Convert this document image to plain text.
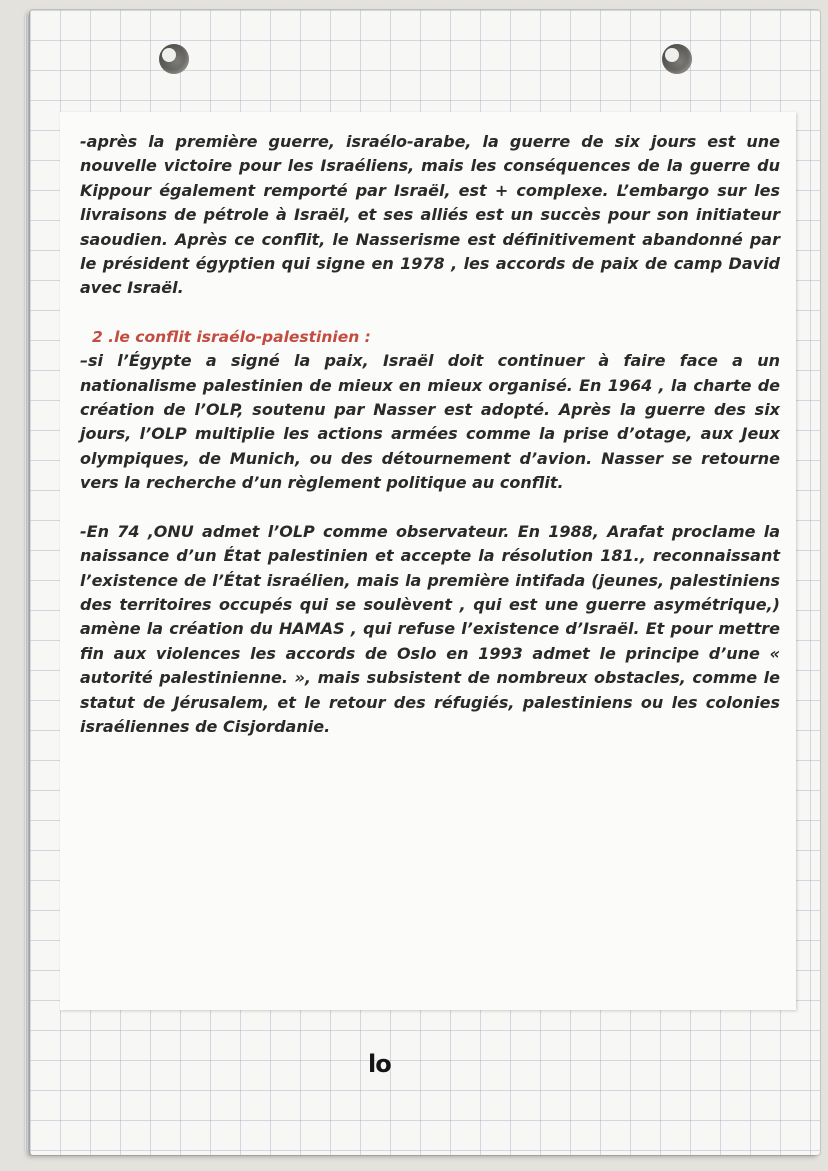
-après la première guerre, israélo-arabe, la guerre de six jours est une nouvelle victoire pour les Israéliens, mais les conséquences de la guerre du Kippour également remporté par Israël, est + complexe. L’embargo sur les livraisons de pétrole à Israël, et ses alliés est un succès pour son initiateur saoudien. Après ce conflit, le Nasserisme est définitivement abandonné par le président égyptien qui signe en 1978 , les accords de paix de camp David avec Israël.

2 .le conflit israélo-palestinien :

–si l’Égypte a signé la paix, Israël doit continuer à faire face a un nationalisme palestinien de mieux en mieux organisé. En 1964 , la charte de création de l’OLP, soutenu par Nasser est adopté. Après la guerre des six jours, l’OLP multiplie les actions armées comme la prise d’otage, aux Jeux olympiques, de Munich, ou des détournement d’avion. Nasser se retourne vers la recherche d’un règlement politique au conflit.

-En 74 ,ONU admet l’OLP comme observateur. En 1988, Arafat proclame la naissance d’un État palestinien et accepte la résolution 181., reconnaissant l’existence de l’État israélien, mais la première intifada (jeunes, palestiniens des territoires occupés qui se soulèvent , qui est une guerre asymétrique,) amène la création du HAMAS , qui refuse l’existence d’Israël. Et pour mettre fin aux violences les accords de Oslo en 1993 admet le principe d’une « autorité palestinienne. », mais subsistent de nombreux obstacles, comme le statut de Jérusalem, et le retour des réfugiés, palestiniens ou les colonies israéliennes de Cisjordanie.

lo
